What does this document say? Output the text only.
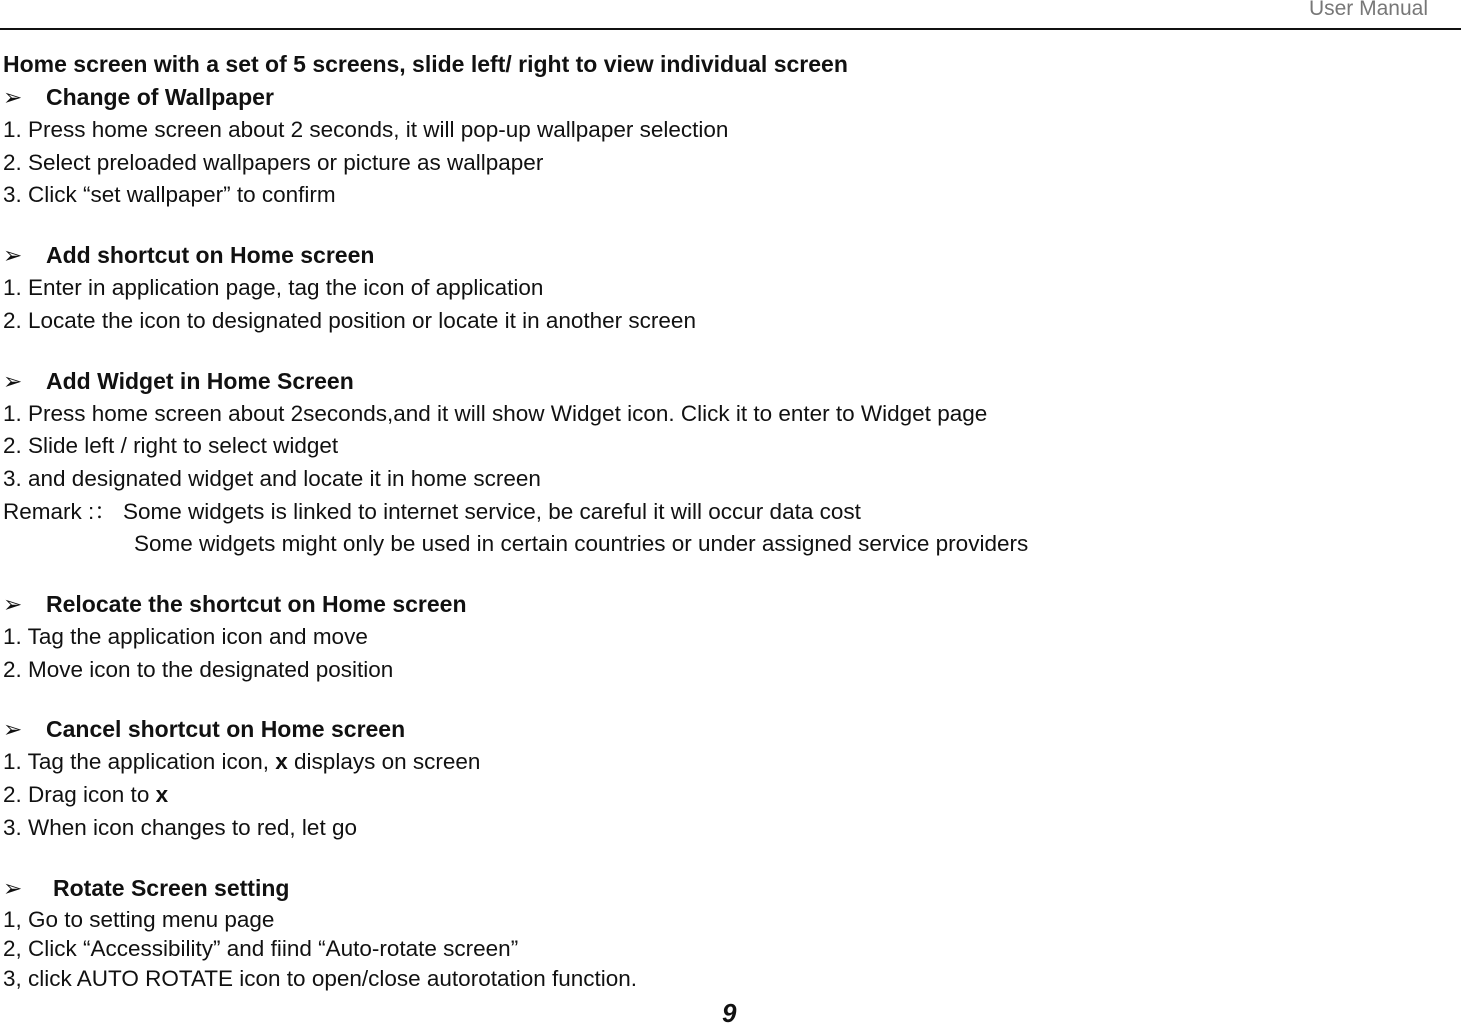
User Manual

Home screen with a set of 5 screens, slide left/ right to view individual screen

➢ Change of Wallpaper

1. Press home screen about 2 seconds, it will pop-up wallpaper selection

2. Select preloaded wallpapers or picture as wallpaper

3. Click “set wallpaper” to confirm

➢ Add shortcut on Home screen

1. Enter in application page, tag the icon of application

2. Locate the icon to designated position or locate it in another screen

➢ Add Widget in Home Screen

1. Press home screen about 2seconds,and it will show Widget icon. Click it to enter to Widget page

2. Slide left / right to select widget

3. and designated widget and locate it in home screen

Remark :： Some widgets is linked to internet service, be careful it will occur data cost

Some widgets might only be used in certain countries or under assigned service providers

➢ Relocate the shortcut on Home screen

1. Tag the application icon and move

2. Move icon to the designated position

➢ Cancel shortcut on Home screen

1. Tag the application icon, x displays on screen

2. Drag icon to x

3. When icon changes to red, let go

➢ Rotate Screen setting

1, Go to setting menu page

2, Click “Accessibility” and fiind “Auto-rotate screen”

3, click AUTO ROTATE icon to open/close autorotation function.

9
